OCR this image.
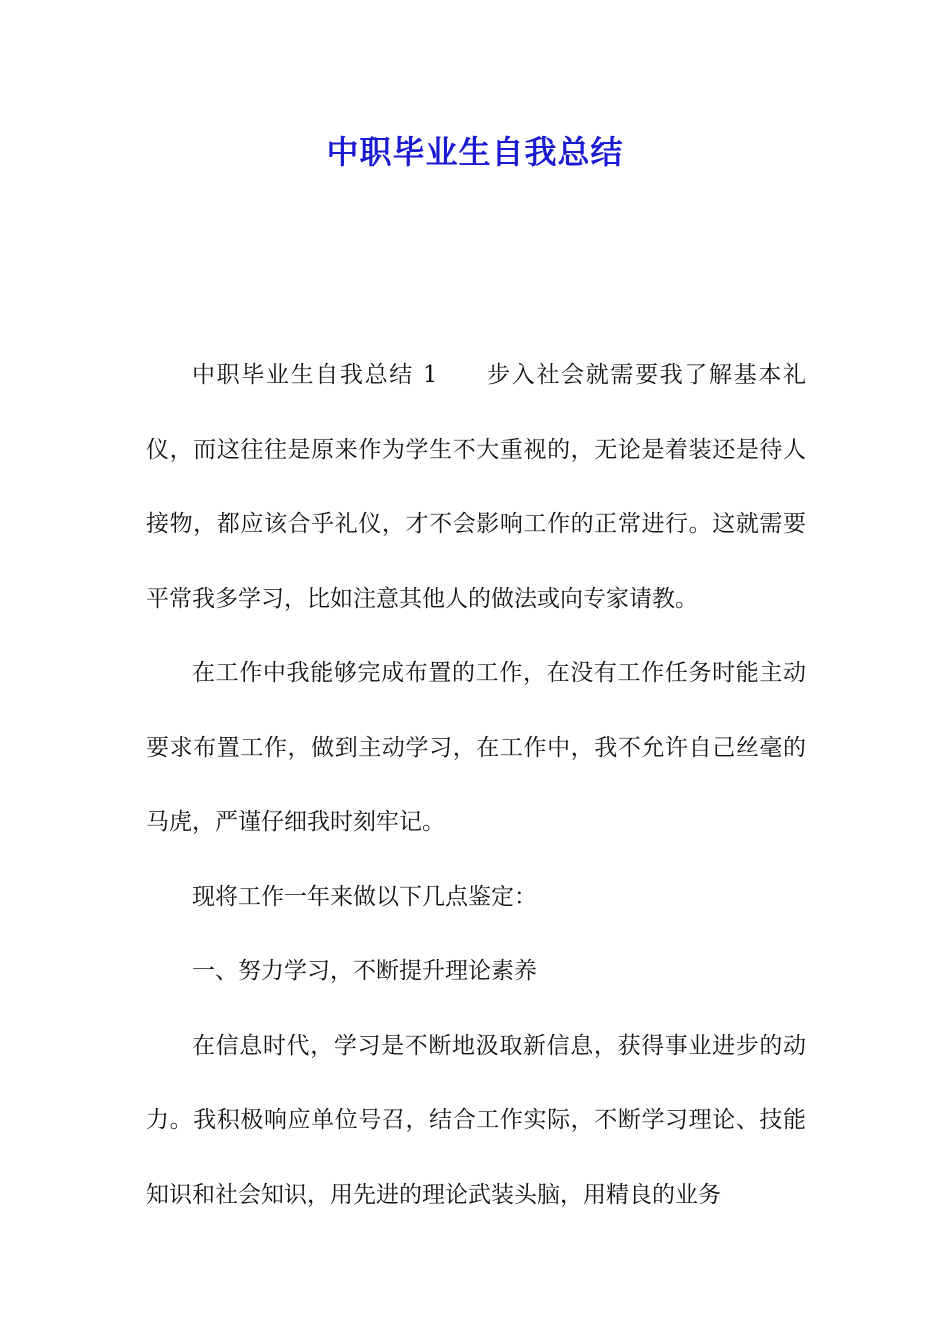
中职毕业生自我总结

中职毕业生自我总结 1 步入社会就需要我了解基本礼仪，而这往往是原来作为学生不大重视的，无论是着装还是待人接物，都应该合乎礼仪，才不会影响工作的正常进行。这就需要平常我多学习，比如注意其他人的做法或向专家请教。

在工作中我能够完成布置的工作，在没有工作任务时能主动要求布置工作，做到主动学习，在工作中，我不允许自己丝毫的马虎，严谨仔细我时刻牢记。

现将工作一年来做以下几点鉴定：

一、努力学习，不断提升理论素养

在信息时代，学习是不断地汲取新信息，获得事业进步的动力。我积极响应单位号召，结合工作实际，不断学习理论、技能知识和社会知识，用先进的理论武装头脑，用精良的业务
